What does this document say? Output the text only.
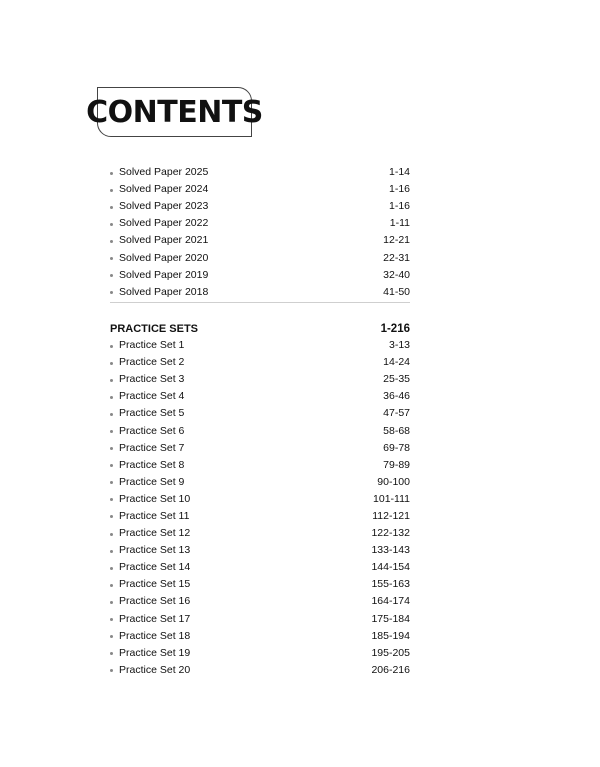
CONTENTS
Solved Paper 2025	1-14
Solved Paper 2024	1-16
Solved Paper 2023	1-16
Solved Paper 2022	1-11
Solved Paper 2021	12-21
Solved Paper 2020	22-31
Solved Paper 2019	32-40
Solved Paper 2018	41-50
PRACTICE SETS	1-216
Practice Set 1	3-13
Practice Set 2	14-24
Practice Set 3	25-35
Practice Set 4	36-46
Practice Set 5	47-57
Practice Set 6	58-68
Practice Set 7	69-78
Practice Set 8	79-89
Practice Set 9	90-100
Practice Set 10	101-111
Practice Set 11	112-121
Practice Set 12	122-132
Practice Set 13	133-143
Practice Set 14	144-154
Practice Set 15	155-163
Practice Set 16	164-174
Practice Set 17	175-184
Practice Set 18	185-194
Practice Set 19	195-205
Practice Set 20	206-216
